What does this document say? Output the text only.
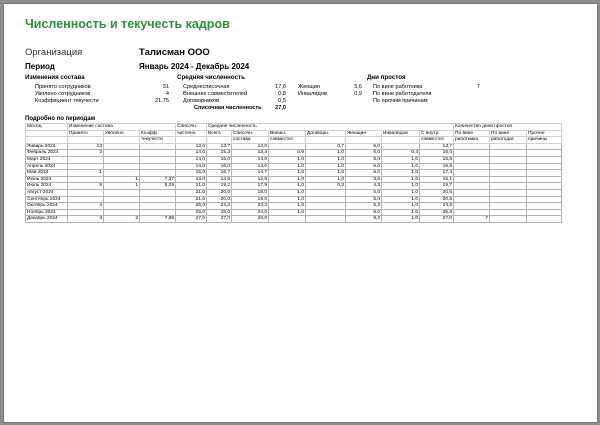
Численность и текучесть кадров
Организация	Талисман ООО
Период	Январь 2024 - Декабрь 2024
Изменения состава
Принято сотрудников	31
Уволено сотрудников	4
Коэффициент текучести	21,75
Средняя численность
Среднесписочная	17,6
Внешних совместителей	0,8
Договорников	0,5
Списочная численность	27,0
Женщин	5,6
Инвалидов	0,9
Дни простоя
По вине работника	7
По вине работодателя
По прочим причинам
Подробно по периодам
Месяц	Изменение состава			Списочн.	Средняя численность							Количество дней простоя		
	Принято	Уволено	Коэфф.	численн.	Всего	Списочн.	Внешн.	Договорн.	Женщин	Инвалидов	С внутр.	По вине	По вине	Прочие
			текучести			состава	совместит.				совместит.	работника	работодат.	причины
Январь 2024	13			13,0	13,7	13,0		0,7	6,0		13,7			
Февраль 2024	2			14,0	15,3	13,4	0,9	1,0	6,0	0,4	16,0			
Март 2024				14,0	16,0	14,0	1,0	1,0	6,0	1,0	16,8			
Апрель 2024				14,0	16,0	14,0	1,0	1,0	6,0	1,0	16,8			
Май 2024	1			15,0	16,7	14,7	1,0	1,0	6,0	1,0	17,4			
Июнь 2024		1	7,37	14,0	14,6	12,6	1,0	1,0	3,6	1,0	15,1			
Июль 2024	8	1	5,29	21,0	19,2	17,9	1,0	0,3	4,3	1,0	19,7			
Август 2024				21,0	20,0	19,0	1,0		5,0	1,0	20,5			
Сентябрь 2024				21,0	20,0	19,0	1,0		5,0	1,0	20,5			
Октябрь 2024	4			25,0	24,3	23,3	1,0		5,3	1,0	24,8			
Ноябрь 2024				25,0	25,0	24,0	1,0		6,0	1,0	25,8			
Декабрь 2024	3	2	7,89	27,0	27,0	26,0			8,3	1,0	27,0	7		
